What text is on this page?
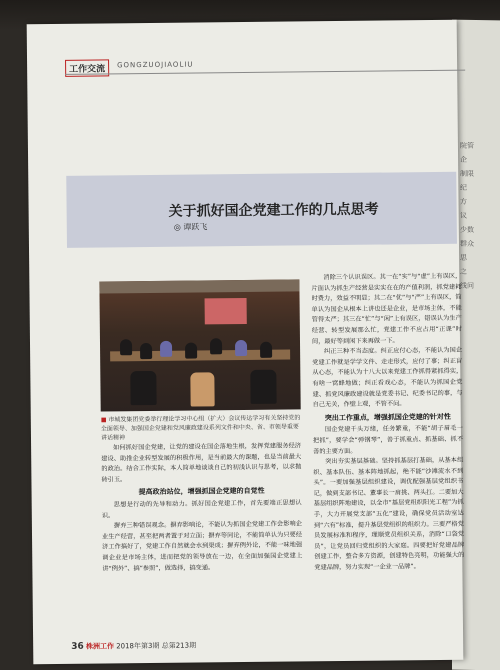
院管
企
制限
纪
方
议
少数
群众
思
之
线问
工作交流	GONGZUOJIAOLIU
关于抓好国企党建工作的几点思考
◎ 谭跃飞
■ 市城发集团党委举行理论学习中心组（扩大）会议传达学习有关坚持党的全面领导、加强国企党建和党风廉政建设系列文件和中央、省、市领导重要讲话精神

如何抓好国企党建，让党的建设在国企落地生根，发挥党建服务经济建设、助推企业转型发展的积极作用，是当前最大的课题，也是当前最大的政治。结合工作实际，本人简单地谈谈自己的初浅认识与思考，以求抛砖引玉。

提高政治站位，增强抓国企党建的自觉性

思想是行动的先导和动力。抓好国企党建工作，首先要端正思想认识。

摒弃三种错误观念。摒弃影响论，不能认为抓国企党建工作会影响企业生产经营，甚至把两者置于对立面；摒弃等同论，不能简单认为只要经济工作搞好了，党建工作自然就会水到渠成；摒弃例外论，不能一味地强调企业是市场主体，进而把党的领导放在一边，在全面加强国企党建上讲“例外”、搞“参照”，做选择，搞变通。

消除三个认识误区。其一在“实”与“虚”上有误区，片面认为抓生产经营是实实在在的产值利润，抓党建耗时费力，效益不明显；其二在“优”与“严”上有误区，简单认为国企从根本上讲也还是企业，是市场主体，不能管得太严；其三在“忙”与“闲”上有误区，错误认为生产经营、转型发展那么忙，党建工作不应占用“正课”时间，最好等到闲下来再做一下。

纠正三种不当态度。纠正应付心态，不能认为国企党建工作就是学学文件、走走形式，应付了事；纠正盲从心态，不能认为十八大以来党建工作抓得紧抓得实，有啥一窝蜂地做；纠正看戏心态，不能认为抓国企党建、抓党风廉政建设就是党委书记、纪委书记的事，与自己无关，作壁上观，不管不问。

突出工作重点，增强抓国企党建的针对性

国企党建千头万绪，任务繁重，不能“胡子眉毛一把抓”，要学会“弹钢琴”，善于抓重点、抓基础、抓不善的主要方面。

突出夯实基层基础。坚持抓基层打基础，从基本组织、基本队伍、基本阵地抓起，绝不能“沙滩流水不到头”。一要加强基层组织建设，调优配强基层党组织书记，做到支部书记、董事长一肩挑、两头扛。二要加大基层组织阵地建设，以全市“基层党组织阳光工程”为抓手，大力开展党支部“五化”建设，确保党员活动室达到“六有”标准，提升基层党组织的组织力。三要严格党员发展标准和程序，理顺党员组织关系，消除“口袋党员”，让党员回归党组织的大家庭。四要把好党建品牌创建工作，整合多方资源，创建特色亮明，功能强大的党建品牌，努力实现“一企业一品牌”。

36 株洲工作 2018年第3期 总第213期
